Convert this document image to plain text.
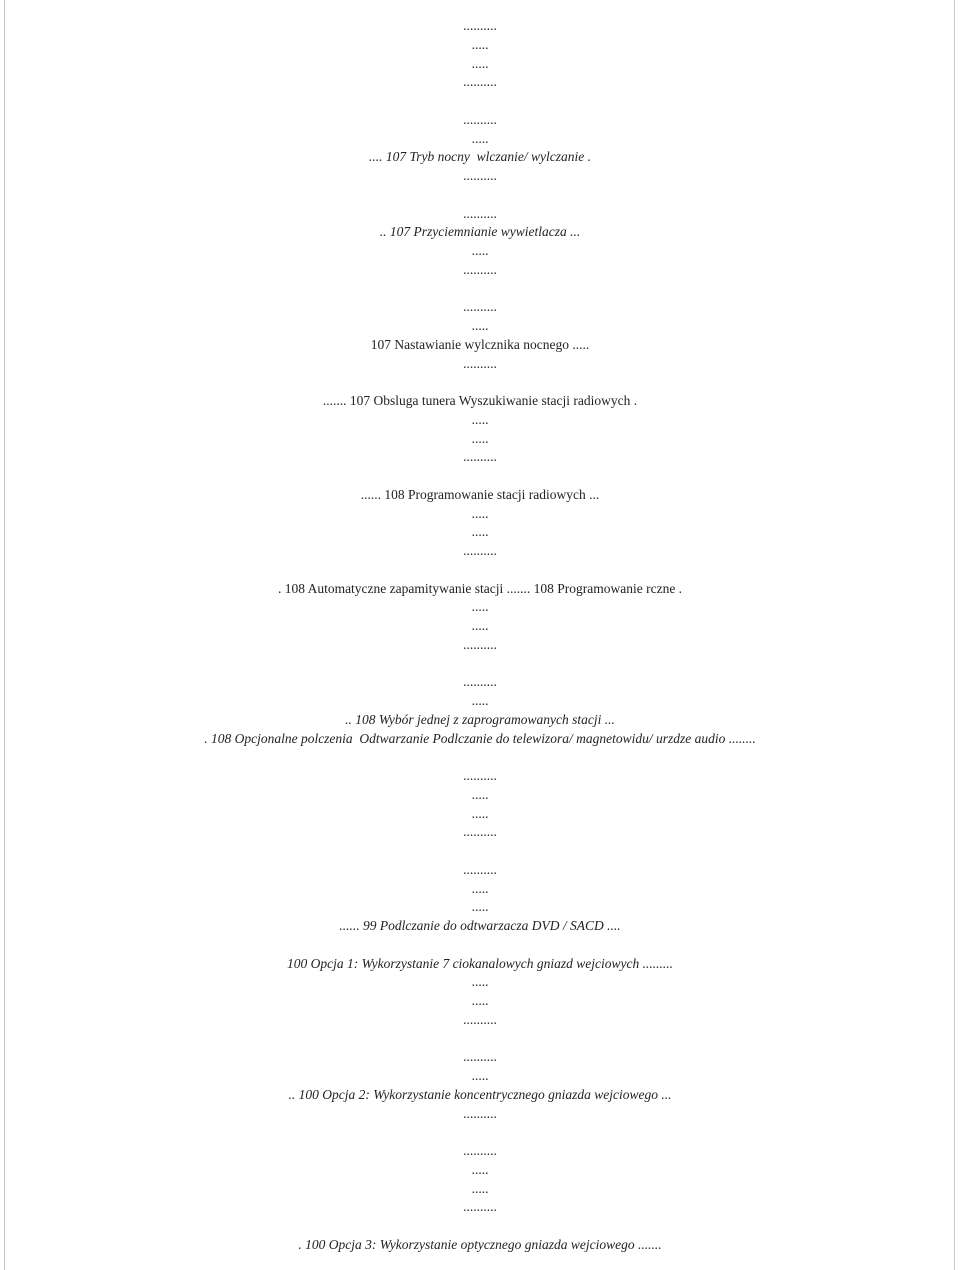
..........
.....
.....
..........
..........
.....
.... 107 Tryb nocny  wlczanie/ wylczanie .
..........
..........
.. 107 Przyciemnianie wywietlacza ...
.....
..........
..........
.....
107 Nastawianie wylcznika nocnego .....
..........
....... 107 Obsluga tunera Wyszukiwanie stacji radiowych .
.....
.....
..........
...... 108 Programowanie stacji radiowych ...
.....
.....
..........
. 108 Automatyczne zapamitywanie stacji ....... 108 Programowanie rczne .
.....
.....
..........
..........
.....
.. 108 Wybór jednej z zaprogramowanych stacji ...
. 108 Opcjonalne polczenia  Odtwarzanie Podlczanie do telewizora/ magnetowidu/ urzdze audio ........
..........
.....
.....
..........
..........
.....
.....
...... 99 Podlczanie do odtwarzacza DVD / SACD ....
100 Opcja 1: Wykorzystanie 7 ciokanalowych gniazd wejciowych .........
.....
.....
..........
..........
.....
.. 100 Opcja 2: Wykorzystanie koncentrycznego gniazda wejciowego ...
..........
..........
.....
.....
..........
. 100 Opcja 3: Wykorzystanie optycznego gniazda wejciowego .......
